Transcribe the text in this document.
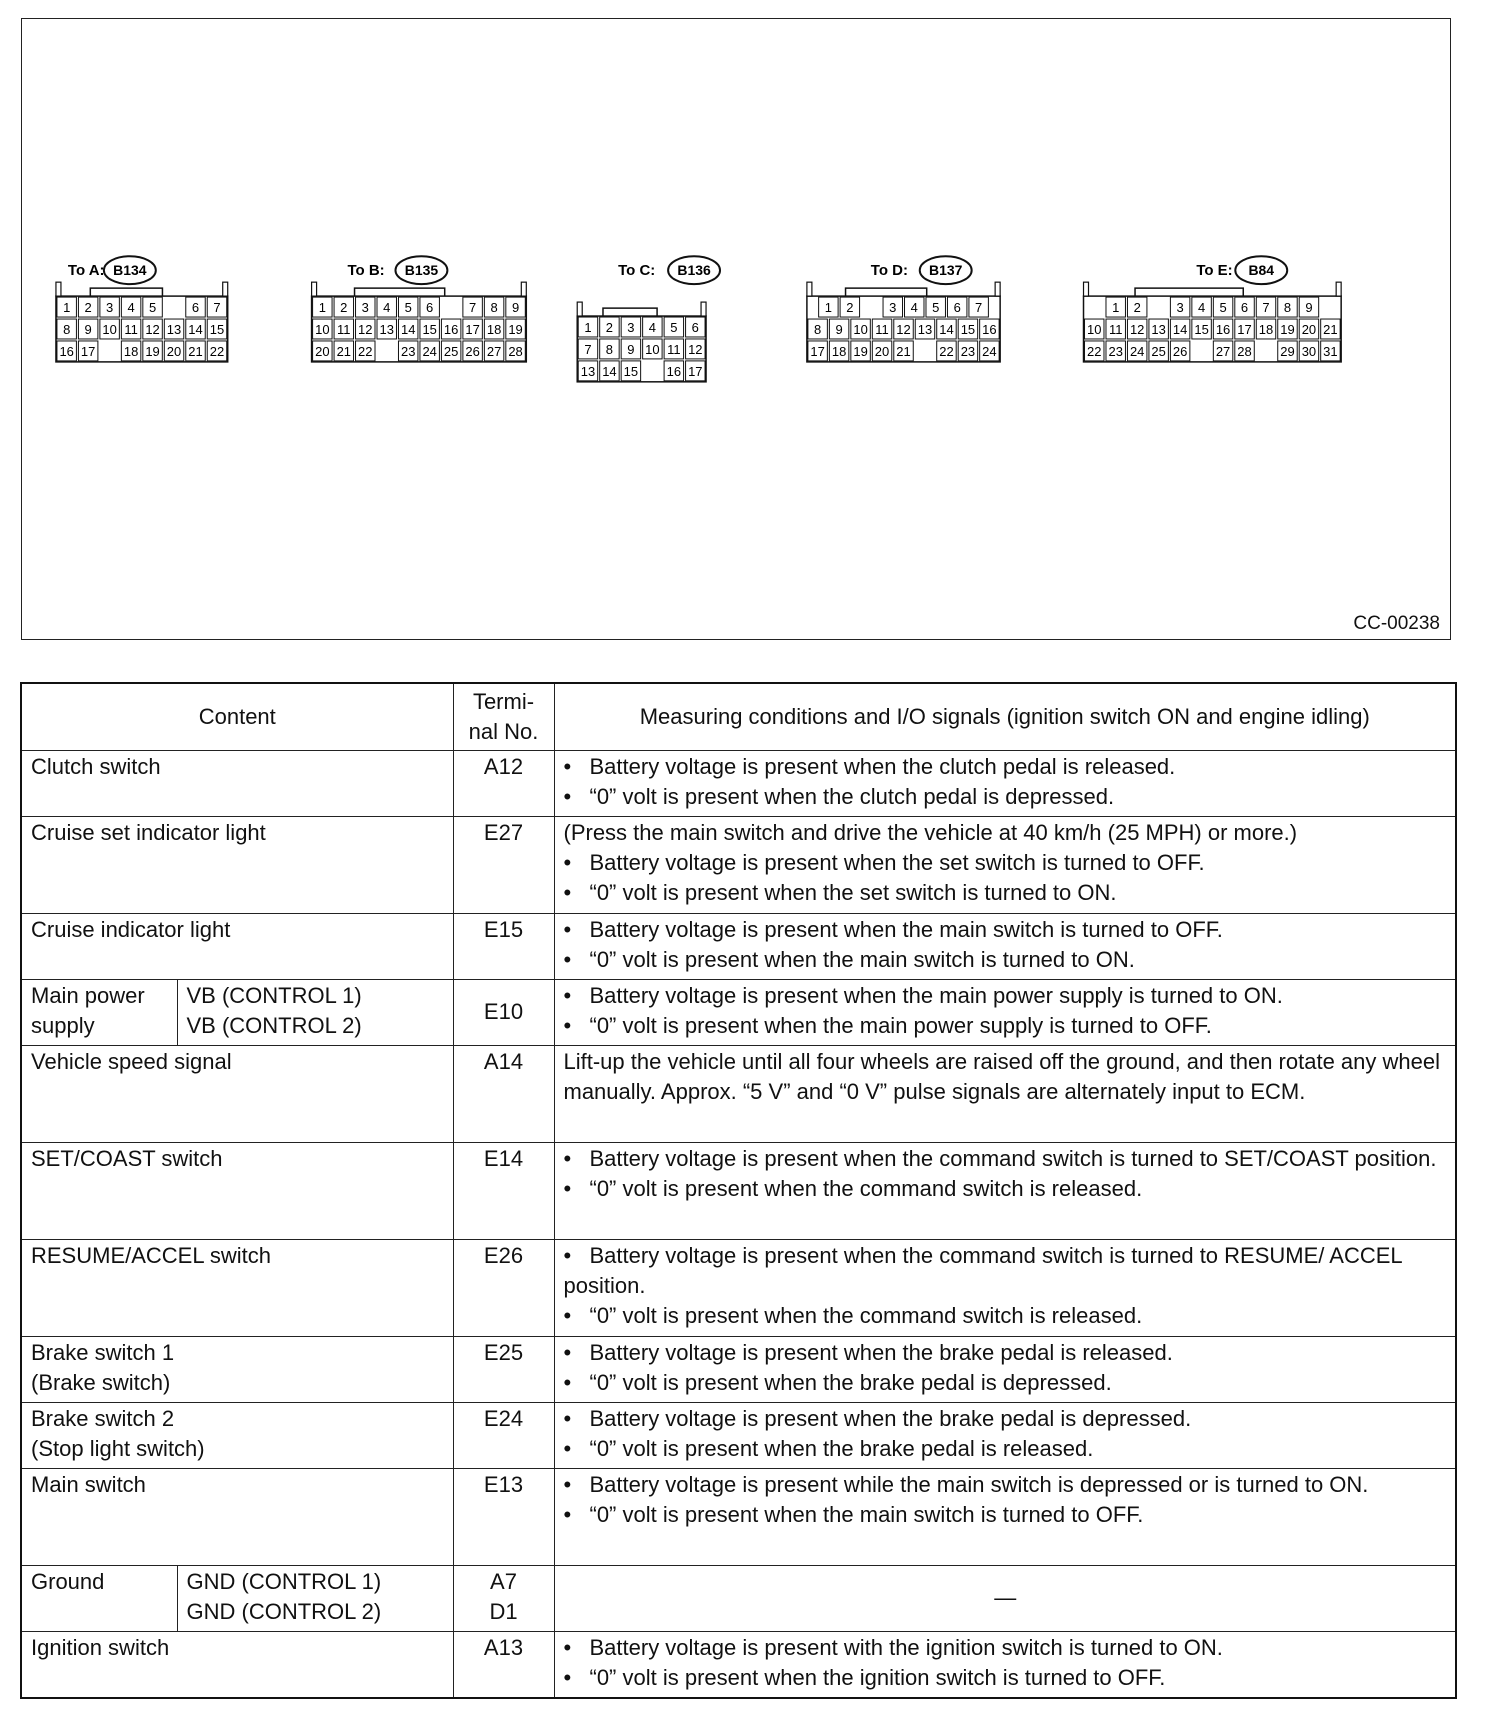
To A: B134
1 2 3 4 5	6 7
8 9 10 11 12 13 14 15
16 17 18 19 20 21 22
To B: B135
1 2 3 4 5 6	7 8 9
10 11 12 13 14 15 16 17 18 19
20 21 22 23 24 25 26 27 28
To C: B136
1 2 3 4 5 6
7 8 9 10 11 12
13 14 15 16 17
To D: B137
1 2	3 4 5 6 7
8 9 10 11 12 13 14 15 16
17 18 19 20 21 22 23 24
To E: B84
1 2	3 4 5 6 7 8 9
10 11 12 13 14 15 16 17 18 19 20 21
22 23 24 25 26 27 28 29 30 31
CC-00238
Content		Termi-
nal No.	Measuring conditions and I/O signals (ignition switch ON and engine idling)
Clutch switch		A12	• Battery voltage is present when the clutch pedal is released.
• “0” volt is present when the clutch pedal is depressed.

Cruise set indicator light		E27	(Press the main switch and drive the vehicle at 40 km/h (25 MPH) or more.)
• Battery voltage is present when the set switch is turned to OFF.
• “0” volt is present when the set switch is turned to ON.

Cruise indicator light		E15	• Battery voltage is present when the main switch is turned to OFF.
• “0” volt is present when the main switch is turned to ON.

Main power
supply	VB (CONTROL 1)
VB (CONTROL 2)	E10	• Battery voltage is present when the main power supply is turned to ON.
• “0” volt is present when the main power supply is turned to OFF.

Vehicle speed signal		A14	Lift-up the vehicle until all four wheels are raised off the ground, and then rotate any wheel manually. Approx. “5 V” and “0 V” pulse signals are alternately input to ECM.
SET/COAST switch		E14	• Battery voltage is present when the command switch is turned to SET/COAST position.
• “0” volt is present when the command switch is released.

RESUME/ACCEL switch		E26	• Battery voltage is present when the command switch is turned to RESUME/ ACCEL position.
• “0” volt is present when the command switch is released.

Brake switch 1
(Brake switch)		E25	• Battery voltage is present when the brake pedal is released.
• “0” volt is present when the brake pedal is depressed.

Brake switch 2
(Stop light switch)		E24	• Battery voltage is present when the brake pedal is depressed.
• “0” volt is present when the brake pedal is released.

Main switch		E13	• Battery voltage is present while the main switch is depressed or is turned to ON.
• “0” volt is present when the main switch is turned to OFF.

Ground	GND (CONTROL 1)
GND (CONTROL 2)	A7
D1	—
Ignition switch		A13	• Battery voltage is present with the ignition switch is turned to ON.
• “0” volt is present when the ignition switch is turned to OFF.
